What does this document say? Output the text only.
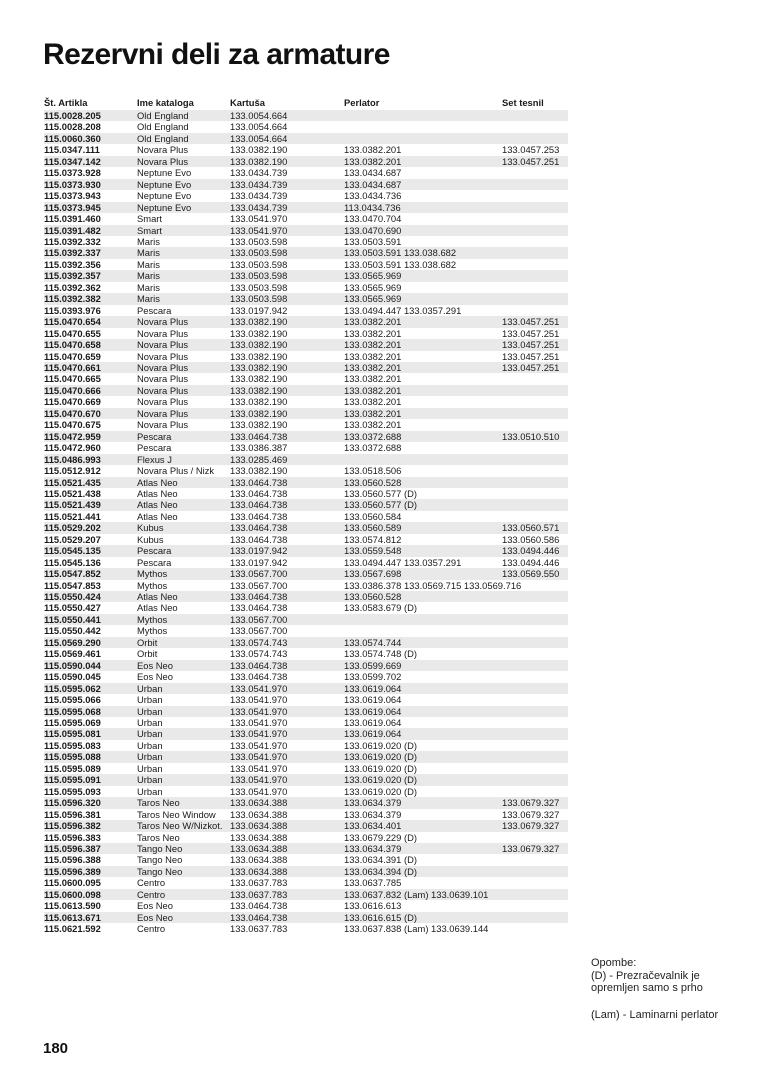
Rezervni deli za armature
Št. Artikla	Ime kataloga	Kartuša	Perlator	Set tesnil
115.0028.205	Old England	133.0054.664		
115.0028.208	Old England	133.0054.664		
115.0060.360	Old England	133.0054.664		
115.0347.111	Novara Plus	133.0382.190	133.0382.201	133.0457.253
115.0347.142	Novara Plus	133.0382.190	133.0382.201	133.0457.251
115.0373.928	Neptune Evo	133.0434.739	133.0434.687	
115.0373.930	Neptune Evo	133.0434.739	133.0434.687	
115.0373.943	Neptune Evo	133.0434.739	133.0434.736	
115.0373.945	Neptune Evo	133.0434.739	113.0434.736	
115.0391.460	Smart	133.0541.970	133.0470.704	
115.0391.482	Smart	133.0541.970	133.0470.690	
115.0392.332	Maris	133.0503.598	133.0503.591	
115.0392.337	Maris	133.0503.598	133.0503.591 133.038.682	
115.0392.356	Maris	133.0503.598	133.0503.591 133.038.682	
115.0392.357	Maris	133.0503.598	133.0565.969	
115.0392.362	Maris	133.0503.598	133.0565.969	
115.0392.382	Maris	133.0503.598	133.0565.969	
115.0393.976	Pescara	133.0197.942	133.0494.447 133.0357.291	
115.0470.654	Novara Plus	133.0382.190	133.0382.201	133.0457.251
115.0470.655	Novara Plus	133.0382.190	133.0382.201	133.0457.251
115.0470.658	Novara Plus	133.0382.190	133.0382.201	133.0457.251
115.0470.659	Novara Plus	133.0382.190	133.0382.201	133.0457.251
115.0470.661	Novara Plus	133.0382.190	133.0382.201	133.0457.251
115.0470.665	Novara Plus	133.0382.190	133.0382.201	
115.0470.666	Novara Plus	133.0382.190	133.0382.201	
115.0470.669	Novara Plus	133.0382.190	133.0382.201	
115.0470.670	Novara Plus	133.0382.190	133.0382.201	
115.0470.675	Novara Plus	133.0382.190	133.0382.201	
115.0472.959	Pescara	133.0464.738	133.0372.688	133.0510.510
115.0472.960	Pescara	133.0386.387	133.0372.688	
115.0486.993	Flexus J	133.0285.469		
115.0512.912	Novara Plus / Nizk	133.0382.190	133.0518.506	
115.0521.435	Atlas Neo	133.0464.738	133.0560.528	
115.0521.438	Atlas Neo	133.0464.738	133.0560.577 (D)	
115.0521.439	Atlas Neo	133.0464.738	133.0560.577 (D)	
115.0521.441	Atlas Neo	133.0464.738	133.0560.584	
115.0529.202	Kubus	133.0464.738	133.0560.589	133.0560.571
115.0529.207	Kubus	133.0464.738	133.0574.812	133.0560.586
115.0545.135	Pescara	133.0197.942	133.0559.548	133.0494.446
115.0545.136	Pescara	133.0197.942	133.0494.447 133.0357.291	133.0494.446
115.0547.852	Mythos	133.0567.700	133.0567.698	133.0569.550
115.0547.853	Mythos	133.0567.700	133.0386.378 133.0569.715 133.0569.716	
115.0550.424	Atlas Neo	133.0464.738	133.0560.528	
115.0550.427	Atlas Neo	133.0464.738	133.0583.679 (D)	
115.0550.441	Mythos	133.0567.700		
115.0550.442	Mythos	133.0567.700		
115.0569.290	Orbit	133.0574.743	133.0574.744	
115.0569.461	Orbit	133.0574.743	133.0574.748 (D)	
115.0590.044	Eos Neo	133.0464.738	133.0599.669	
115.0590.045	Eos Neo	133.0464.738	133.0599.702	
115.0595.062	Urban	133.0541.970	133.0619.064	
115.0595.066	Urban	133.0541.970	133.0619.064	
115.0595.068	Urban	133.0541.970	133.0619.064	
115.0595.069	Urban	133.0541.970	133.0619.064	
115.0595.081	Urban	133.0541.970	133.0619.064	
115.0595.083	Urban	133.0541.970	133.0619.020 (D)	
115.0595.088	Urban	133.0541.970	133.0619.020 (D)	
115.0595.089	Urban	133.0541.970	133.0619.020 (D)	
115.0595.091	Urban	133.0541.970	133.0619.020 (D)	
115.0595.093	Urban	133.0541.970	133.0619.020 (D)	
115.0596.320	Taros Neo	133.0634.388	133.0634.379	133.0679.327
115.0596.381	Taros Neo Window	133.0634.388	133.0634.379	133.0679.327
115.0596.382	Taros Neo W/Nizkot.	133.0634.388	133.0634.401	133.0679.327
115.0596.383	Taros Neo	133.0634.388	133.0679.229 (D)	
115.0596.387	Tango Neo	133.0634.388	133.0634.379	133.0679.327
115.0596.388	Tango Neo	133.0634.388	133.0634.391 (D)	
115.0596.389	Tango Neo	133.0634.388	133.0634.394 (D)	
115.0600.095	Centro	133.0637.783	133.0637.785	
115.0600.098	Centro	133.0637.783	133.0637.832 (Lam) 133.0639.101	
115.0613.590	Eos Neo	133.0464.738	133.0616.613	
115.0613.671	Eos Neo	133.0464.738	133.0616.615 (D)	
115.0621.592	Centro	133.0637.783	133.0637.838 (Lam) 133.0639.144	

Opombe:

(D) - Prezračevalnik je opremljen samo s prho

(Lam) - Laminarni perlator

180
